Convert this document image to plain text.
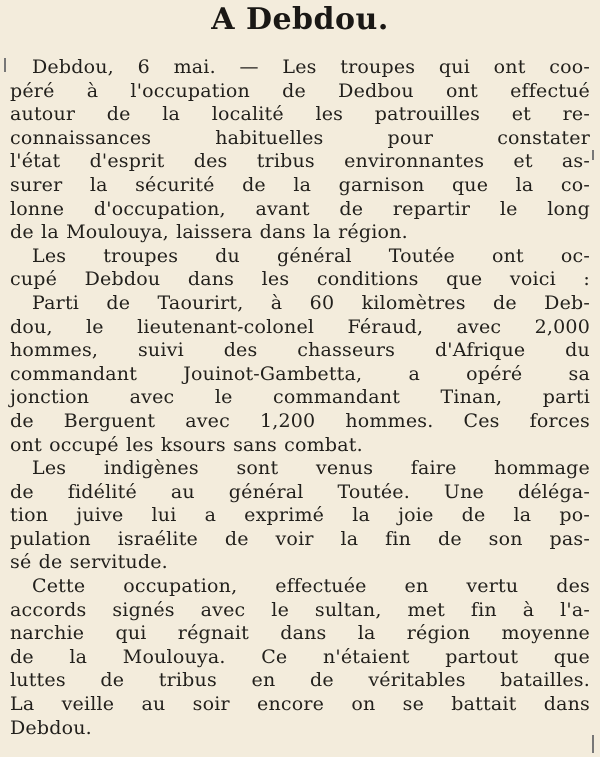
A Debdou.
Debdou, 6 mai. — Les troupes qui ont coo-
péré à l'occupation de Dedbou ont effectué
autour de la localité les patrouilles et re-
connaissances habituelles pour constater
l'état d'esprit des tribus environnantes et as-
surer la sécurité de la garnison que la co-
lonne d'occupation, avant de repartir le long
de la Moulouya, laissera dans la région.
Les troupes du général Toutée ont oc-
cupé Debdou dans les conditions que voici :
Parti de Taourirt, à 60 kilomètres de Deb-
dou, le lieutenant-colonel Féraud, avec 2,000
hommes, suivi des chasseurs d'Afrique du
commandant Jouinot-Gambetta, a opéré sa
jonction avec le commandant Tinan, parti
de Berguent avec 1,200 hommes. Ces forces
ont occupé les ksours sans combat.
Les indigènes sont venus faire hommage
de fidélité au général Toutée. Une déléga-
tion juive lui a exprimé la joie de la po-
pulation israélite de voir la fin de son pas-
sé de servitude.
Cette occupation, effectuée en vertu des
accords signés avec le sultan, met fin à l'a-
narchie qui régnait dans la région moyenne
de la Moulouya. Ce n'étaient partout que
luttes de tribus en de véritables batailles.
La veille au soir encore on se battait dans
Debdou.
